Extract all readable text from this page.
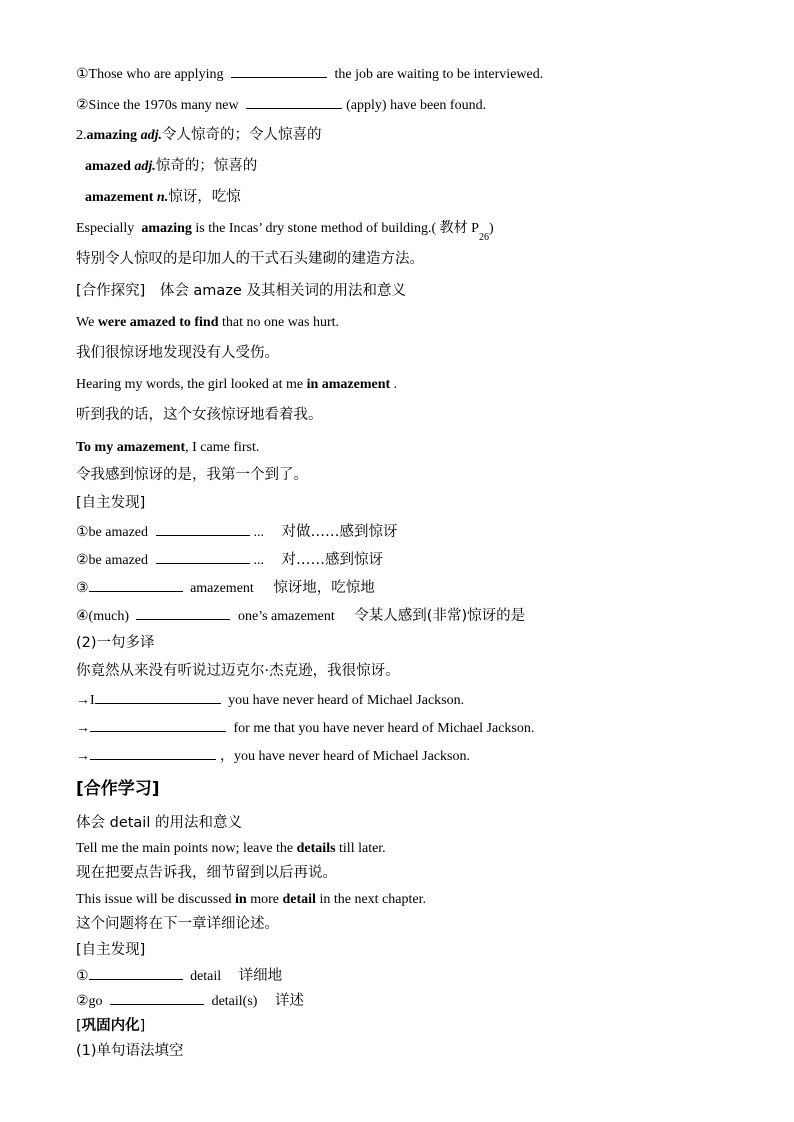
①Those who are applying	the job are waiting to be interviewed.
②Since the 1970s many new	(apply) have been found.
2.amazing adj.令人惊奇的；令人惊喜的
amazed adj.惊奇的；惊喜的
amazement n.惊讶，吃惊
Especially amazing is the Incas’ dry stone method of building.( 教材 $P_{26}$)
特别令人惊叹的是印加人的干式石头建砌的建造方法。
[合作探究]　体会 amaze 及其相关词的用法和意义
We were amazed to find that no one was hurt.
我们很惊讶地发现没有人受伤。
Hearing my words, the girl looked at me in amazement .
听到我的话，这个女孩惊讶地看着我。
To my amazement, I came first.
令我感到惊讶的是，我第一个到了。
[自主发现]
①be amazed	... 对做……感到惊讶
②be amazed	... 对……感到惊讶
③	amazement 惊讶地，吃惊地
④(much)	one’s amazement 令某人感到(非常)惊讶的是
(2)一句多译
你竟然从来没有听说过迈克尔·杰克逊，我很惊讶。
→I	you have never heard of Michael Jackson.
→	for me that you have never heard of Michael Jackson.
→	，you have never heard of Michael Jackson.
[合作学习]
体会 detail 的用法和意义
Tell me the main points now; leave the details till later.
现在把要点告诉我，细节留到以后再说。
This issue will be discussed in more detail in the next chapter.
这个问题将在下一章详细论述。
[自主发现]
①	detail 详细地
②go	detail(s) 详述
[巩固内化]
(1)单句语法填空
